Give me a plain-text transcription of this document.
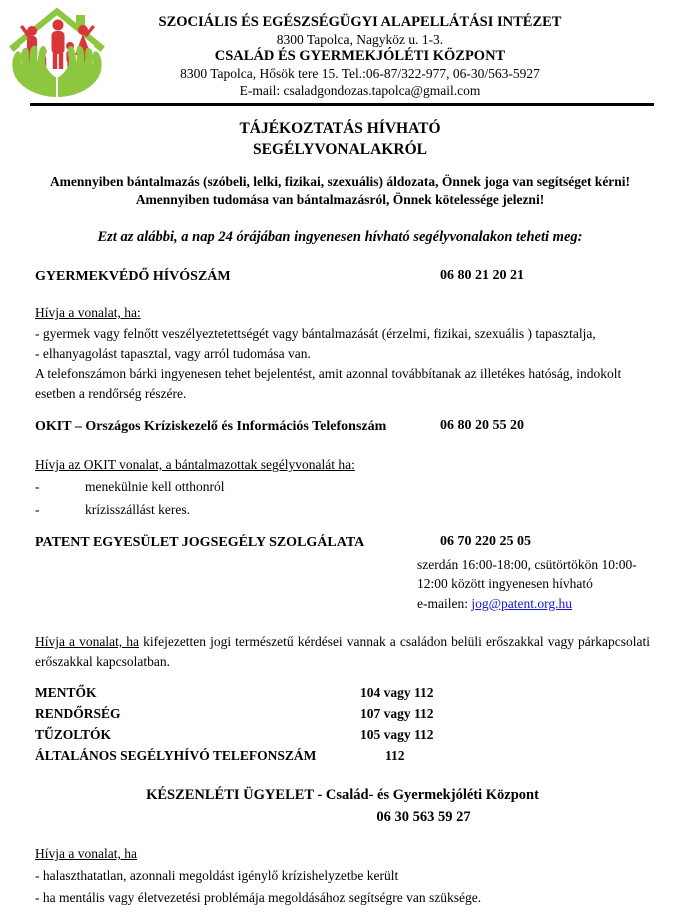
SZOCIÁLIS ÉS EGÉSZSÉGÜGYI ALAPELLÁTÁSI INTÉZET
8300 Tapolca, Nagyköz u. 1-3.
CSALÁD ÉS GYERMEKJÓLÉTI KÖZPONT
8300 Tapolca, Hősök tere 15. Tel.:06-87/322-977, 06-30/563-5927
E-mail: csaladgondozas.tapolca@gmail.com
TÁJÉKOZTATÁS HÍVHATÓ
SEGÉLYVONALAKRÓL
Amennyiben bántalmazás (szóbeli, lelki, fizikai, szexuális) áldozata, Önnek joga van segítséget kérni!
Amennyiben tudomása van bántalmazásról, Önnek kötelessége jelezni!
Ezt az alábbi, a nap 24 órájában ingyenesen hívható segélyvonalakon teheti meg:
GYERMEKVÉDŐ HÍVÓSZÁM	06 80 21 20 21
Hívja a vonalat, ha:
- gyermek vagy felnőtt veszélyeztetettségét vagy bántalmazását (érzelmi, fizikai, szexuális ) tapasztalja,
- elhanyagolást tapasztal, vagy arról tudomása van.
A telefonszámon bárki ingyenesen tehet bejelentést, amit azonnal továbbítanak az illetékes hatóság, indokolt esetben a rendőrség részére.
OKIT – Országos Kríziskezelő és Információs Telefonszám	06 80 20 55 20
Hívja az OKIT vonalat, a bántalmazottak segélyvonalát ha:
-	menekülnie kell otthonról
-	krízisszállást keres.
PATENT EGYESÜLET JOGSEGÉLY SZOLGÁLATA	06 70 220 25 05
szerdán 16:00-18:00, csütörtökön 10:00-
12:00 között ingyenesen hívható
e-mailen: jog@patent.org.hu
Hívja a vonalat, ha kifejezetten jogi természetű kérdései vannak a családon belüli erőszakkal vagy párkapcsolati erőszakkal kapcsolatban.
MENTŐK	104 vagy 112
RENDŐRSÉG	107 vagy 112
TŰZOLTÓK	105 vagy 112
ÁLTALÁNOS SEGÉLYHÍVÓ TELEFONSZÁM	112
KÉSZENLÉTI ÜGYELET - Család- és Gyermekjóléti Központ
06 30 563 59 27
Hívja a vonalat, ha
- halaszthatatlan, azonnali megoldást igénylő krízishelyzetbe került
- ha mentális vagy életvezetési problémája megoldásához segítségre van szüksége.
